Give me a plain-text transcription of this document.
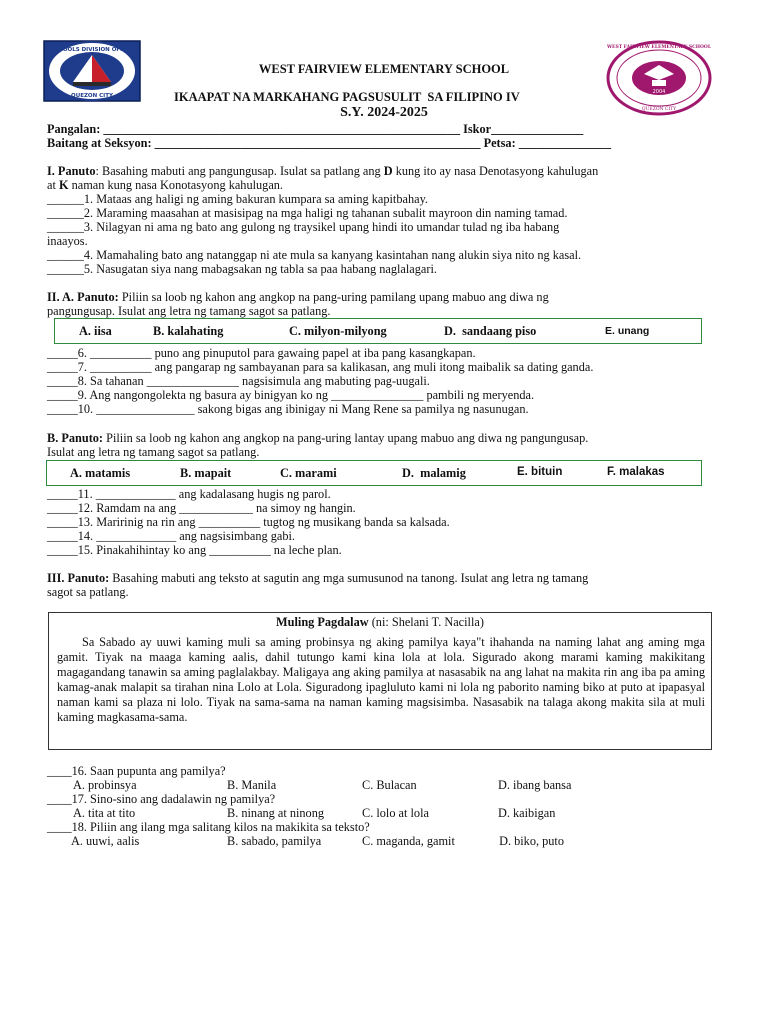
SCHOOLS DIVISION OFFICE
QUEZON CITY
2004
WEST FAIRVIEW ELEMENTARY SCHOOL
QUEZON CITY
WEST FAIRVIEW ELEMENTARY SCHOOL
IKAAPAT NA MARKAHANG PAGSUSULIT  SA FILIPINO IV
S.Y. 2024-2025
Pangalan: __________________________________________________________ Iskor_______________
Baitang at Seksyon: _____________________________________________________ Petsa: _______________
I. Panuto: Basahing mabuti ang pangungusap. Isulat sa patlang ang D kung ito ay nasa Denotasyong kahulugan
at K naman kung nasa Konotasyong kahulugan.
______1. Mataas ang haligi ng aming bakuran kumpara sa aming kapitbahay.
______2. Maraming maasahan at masisipag na mga haligi ng tahanan subalit mayroon din naming tamad.
______3. Nilagyan ni ama ng bato ang gulong ng traysikel upang hindi ito umandar tulad ng iba habang
inaayos.
______4. Mamahaling bato ang natanggap ni ate mula sa kanyang kasintahan nang alukin siya nito ng kasal.
______5. Nasugatan siya nang mabagsakan ng tabla sa paa habang naglalagari.
II. A. Panuto: Piliin sa loob ng kahon ang angkop na pang-uring pamilang upang mabuo ang diwa ng
pangungusap. Isulat ang letra ng tamang sagot sa patlang.
A. iisa	B. kalahating	C. milyon-milyong	D.  sandaang piso	E. unang
_____6. __________ puno ang pinuputol para gawaing papel at iba pang kasangkapan.
_____7. __________ ang pangarap ng sambayanan para sa kalikasan, ang muli itong maibalik sa dating ganda.
_____8. Sa tahanan _______________ nagsisimula ang mabuting pag-uugali.
_____9. Ang nangongolekta ng basura ay binigyan ko ng _______________ pambili ng meryenda.
_____10. ________________ sakong bigas ang ibinigay ni Mang Rene sa pamilya ng nasunugan.
B. Panuto: Piliin sa loob ng kahon ang angkop na pang-uring lantay upang mabuo ang diwa ng pangungusap.
Isulat ang letra ng tamang sagot sa patlang.
A. matamis	B. mapait	C. marami	D.  malamig	E. bituin	F. malakas
_____11. _____________ ang kadalasang hugis ng parol.
_____12. Ramdam na ang ____________ na simoy ng hangin.
_____13. Maririnig na rin ang __________ tugtog ng musikang banda sa kalsada.
_____14. _____________ ang nagsisimbang gabi.
_____15. Pinakahihintay ko ang __________ na leche plan.
III. Panuto: Basahing mabuti ang teksto at sagutin ang mga sumusunod na tanong. Isulat ang letra ng tamang
sagot sa patlang.
Muling Pagdalaw (ni: Shelani T. Nacilla)
Sa Sabado ay uuwi kaming muli sa aming probinsya ng aking pamilya kaya"t ihahanda na naming lahat ang aming mga gamit. Tiyak na maaga kaming aalis, dahil tutungo kami kina lola at lola. Sigurado akong marami kaming makikitang magagandang tanawin sa aming paglalakbay. Maligaya ang aking pamilya at nasasabik na ang lahat na makita rin ang iba pa aming kamag-anak malapit sa tirahan nina Lolo at Lola. Siguradong ipagluluto kami ni lola ng paborito naming biko at puto at ipapasyal naman kami sa plaza ni lolo. Tiyak na sama-sama na naman kaming magsisimba. Nasasabik na talaga akong makita sila at muli kaming magkasama-sama.
____16. Saan pupunta ang pamilya?
A. probinsya	B. Manila	C. Bulacan	D. ibang bansa
____17. Sino-sino ang dadalawin ng pamilya?
A. tita at tito	B. ninang at ninong	C. lolo at lola	D. kaibigan
____18. Piliin ang ilang mga salitang kilos na makikita sa teksto?
A. uuwi, aalis	B. sabado, pamilya	C. maganda, gamit	D. biko, puto
